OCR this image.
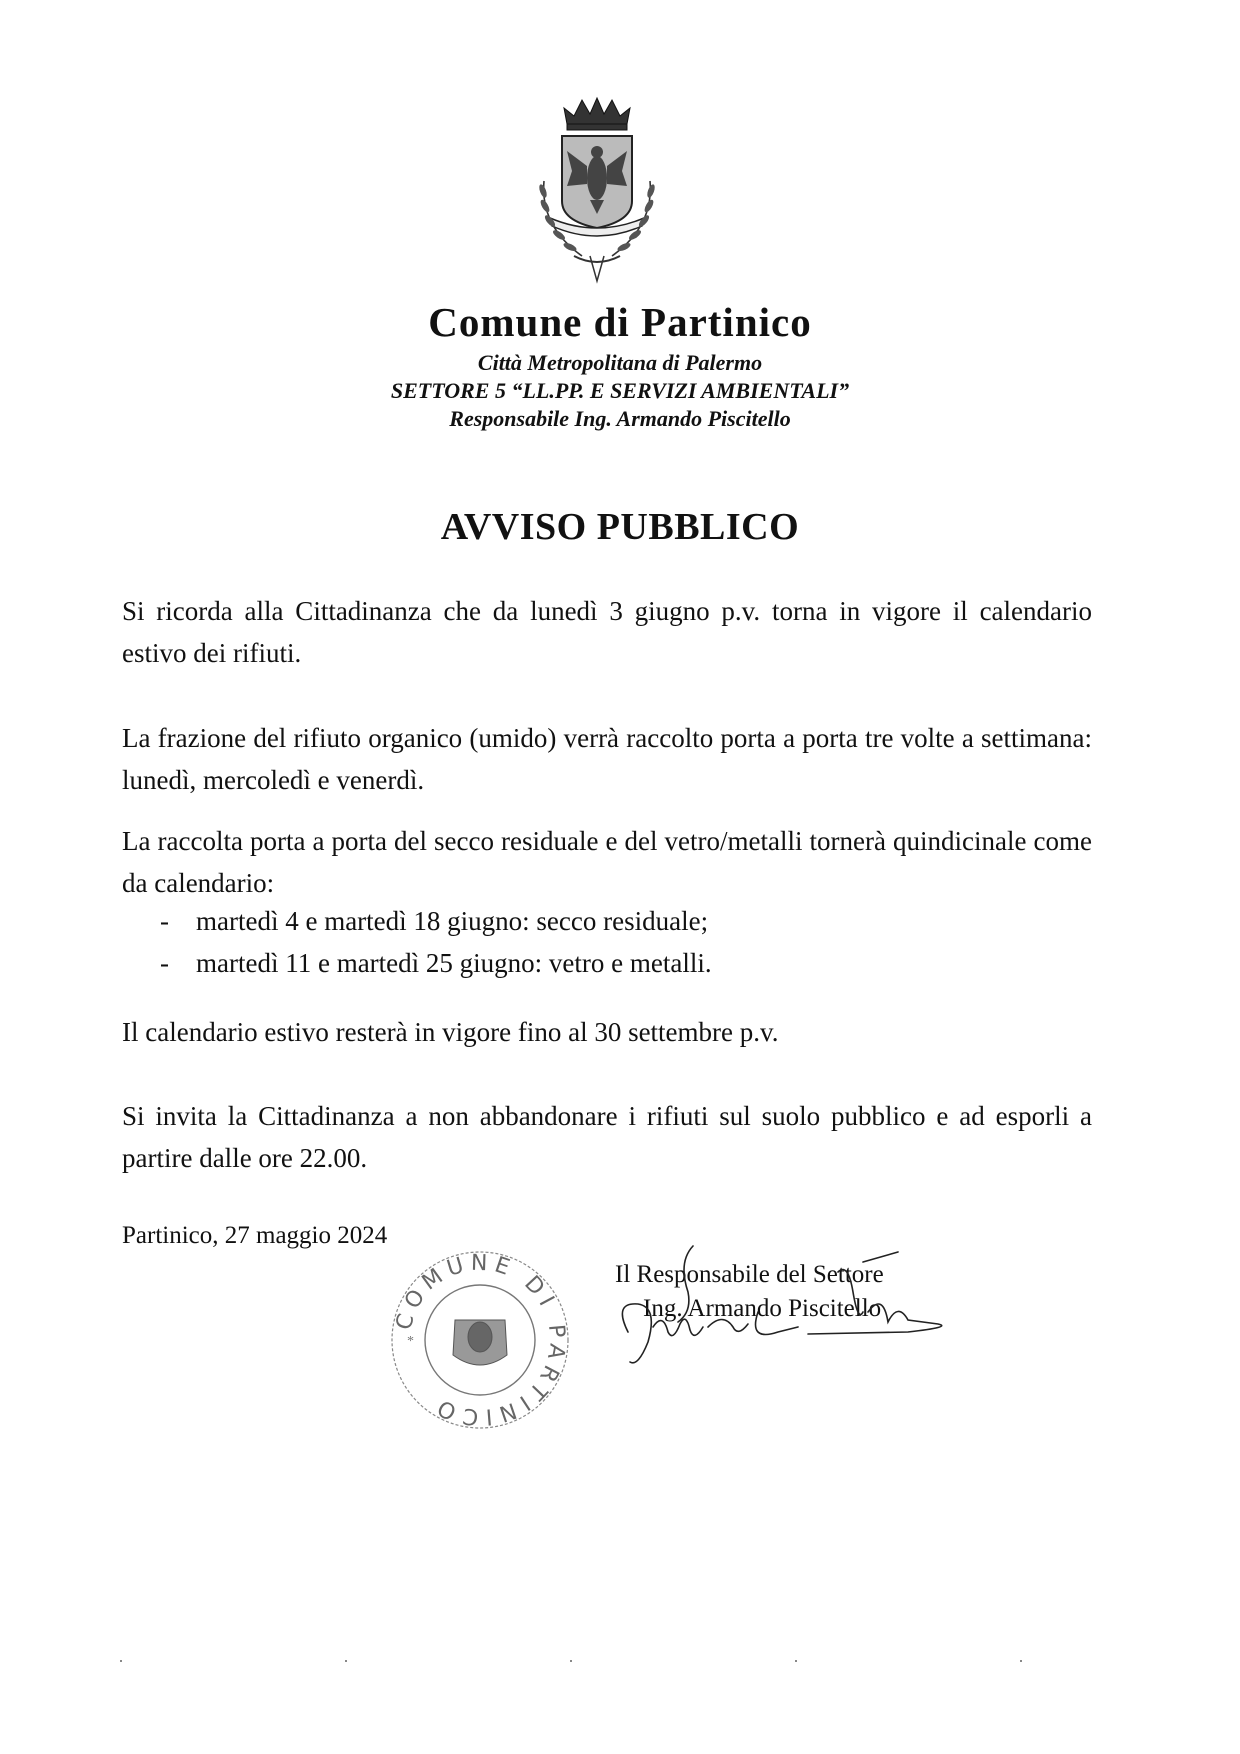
Comune di Partinico
Città Metropolitana di Palermo
SETTORE 5 “LL.PP. E SERVIZI AMBIENTALI”
Responsabile Ing. Armando Piscitello
AVVISO PUBBLICO
Si ricorda alla Cittadinanza che da lunedì 3 giugno p.v. torna in vigore il calendario estivo dei rifiuti.
La frazione del rifiuto organico (umido) verrà raccolto porta a porta tre volte a settimana: lunedì, mercoledì e venerdì.
La raccolta porta a porta del secco residuale e del vetro/metalli tornerà quindicinale come da calendario:
- martedì 4 e martedì 18 giugno: secco residuale;
- martedì 11 e martedì 25 giugno: vetro e metalli.
Il calendario estivo resterà in vigore fino al 30 settembre p.v.
Si invita la Cittadinanza a non abbandonare i rifiuti sul suolo pubblico e ad esporli a partire dalle ore 22.00.
Partinico, 27 maggio 2024
COMUNE DI PARTINICO
*
Il Responsabile del Settore
Ing. Armando Piscitello
